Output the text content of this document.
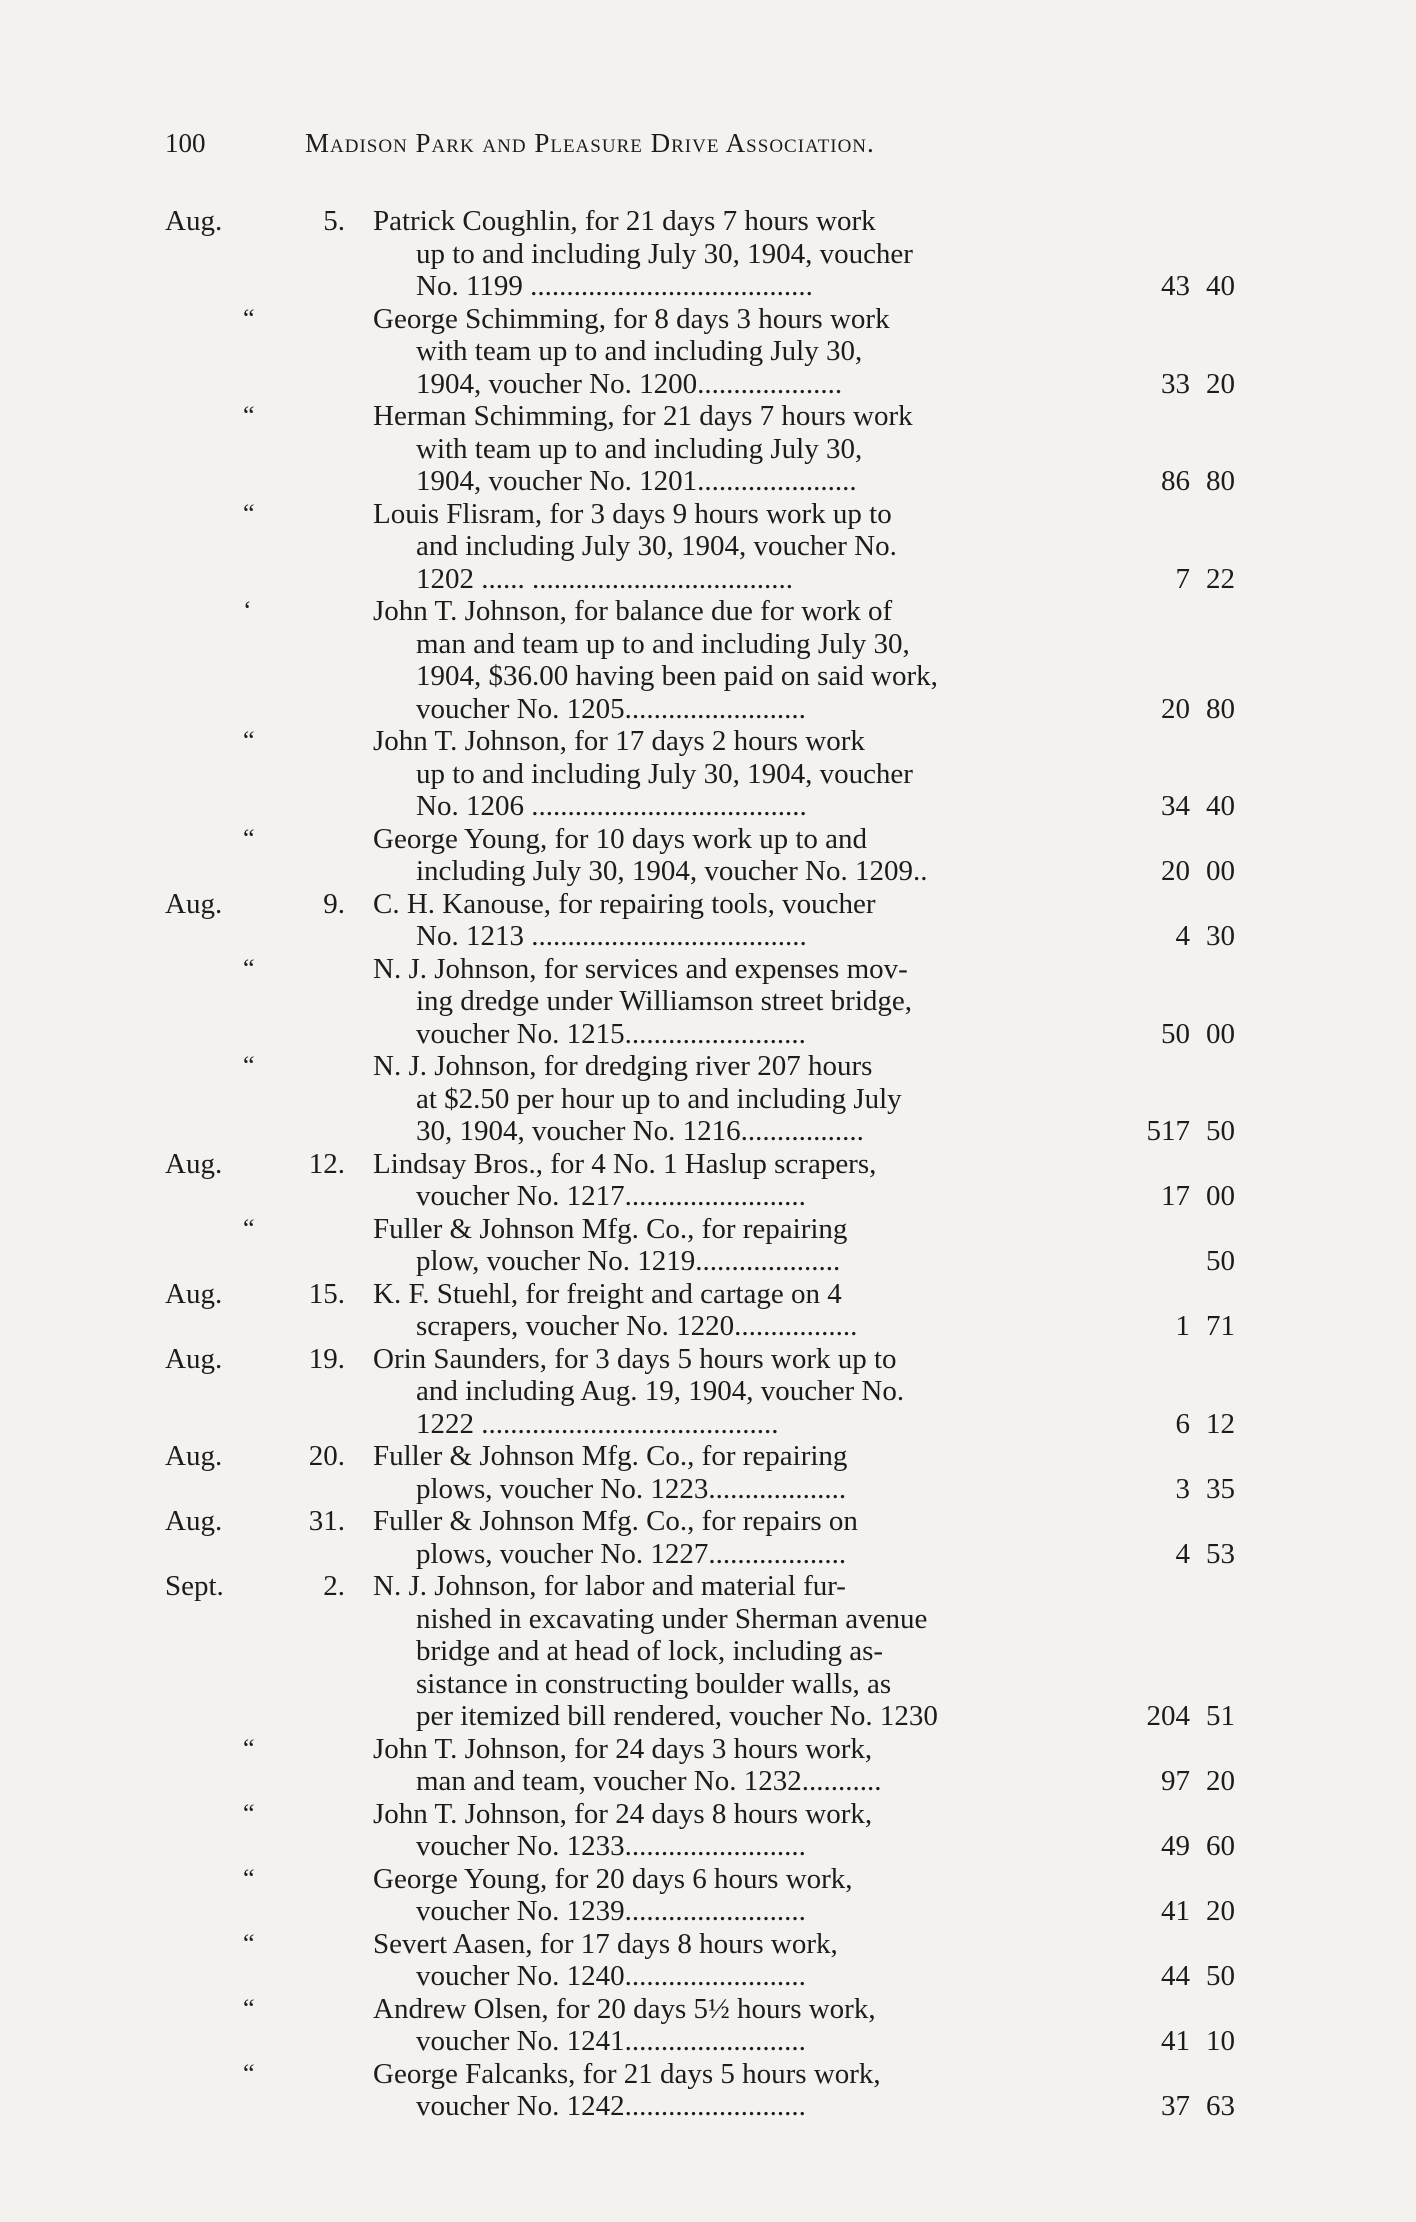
100	Madison Park and Pleasure Drive Association.
Aug.	5. Patrick Coughlin, for 21 days 7 hours work
up to and including July 30, 1904, voucher
No. 1199 .......................................	43 40
“	George Schimming, for 8 days 3 hours work
with team up to and including July 30,
1904, voucher No. 1200....................	33 20
“	Herman Schimming, for 21 days 7 hours work
with team up to and including July 30,
1904, voucher No. 1201......................	86 80
“	Louis Flisram, for 3 days 9 hours work up to
and including July 30, 1904, voucher No.
1202 ...... ....................................	7 22
‘	John T. Johnson, for balance due for work of
man and team up to and including July 30,
1904, $36.00 having been paid on said work,
voucher No. 1205.........................	20 80
“	John T. Johnson, for 17 days 2 hours work
up to and including July 30, 1904, voucher
No. 1206 ......................................	34 40
“	George Young, for 10 days work up to and
including July 30, 1904, voucher No. 1209..	20 00
Aug.	9. C. H. Kanouse, for repairing tools, voucher
No. 1213 ......................................	4 30
“	N. J. Johnson, for services and expenses mov-
ing dredge under Williamson street bridge,
voucher No. 1215.........................	50 00
“	N. J. Johnson, for dredging river 207 hours
at $2.50 per hour up to and including July
30, 1904, voucher No. 1216.................	517 50
Aug.	12. Lindsay Bros., for 4 No. 1 Haslup scrapers,
voucher No. 1217.........................	17 00
“	Fuller & Johnson Mfg. Co., for repairing
plow, voucher No. 1219....................	50
Aug.	15. K. F. Stuehl, for freight and cartage on 4
scrapers, voucher No. 1220.................	1 71
Aug.	19. Orin Saunders, for 3 days 5 hours work up to
and including Aug. 19, 1904, voucher No.
1222 .........................................	6 12
Aug.	20. Fuller & Johnson Mfg. Co., for repairing
plows, voucher No. 1223...................	3 35
Aug.	31. Fuller & Johnson Mfg. Co., for repairs on
plows, voucher No. 1227...................	4 53
Sept.	2. N. J. Johnson, for labor and material fur-
nished in excavating under Sherman avenue
bridge and at head of lock, including as-
sistance in constructing boulder walls, as
per itemized bill rendered, voucher No. 1230	204 51
“	John T. Johnson, for 24 days 3 hours work,
man and team, voucher No. 1232...........	97 20
“	John T. Johnson, for 24 days 8 hours work,
voucher No. 1233.........................	49 60
“	George Young, for 20 days 6 hours work,
voucher No. 1239.........................	41 20
“	Severt Aasen, for 17 days 8 hours work,
voucher No. 1240.........................	44 50
“	Andrew Olsen, for 20 days 5½ hours work,
voucher No. 1241.........................	41 10
“	George Falcanks, for 21 days 5 hours work,
voucher No. 1242.........................	37 63
